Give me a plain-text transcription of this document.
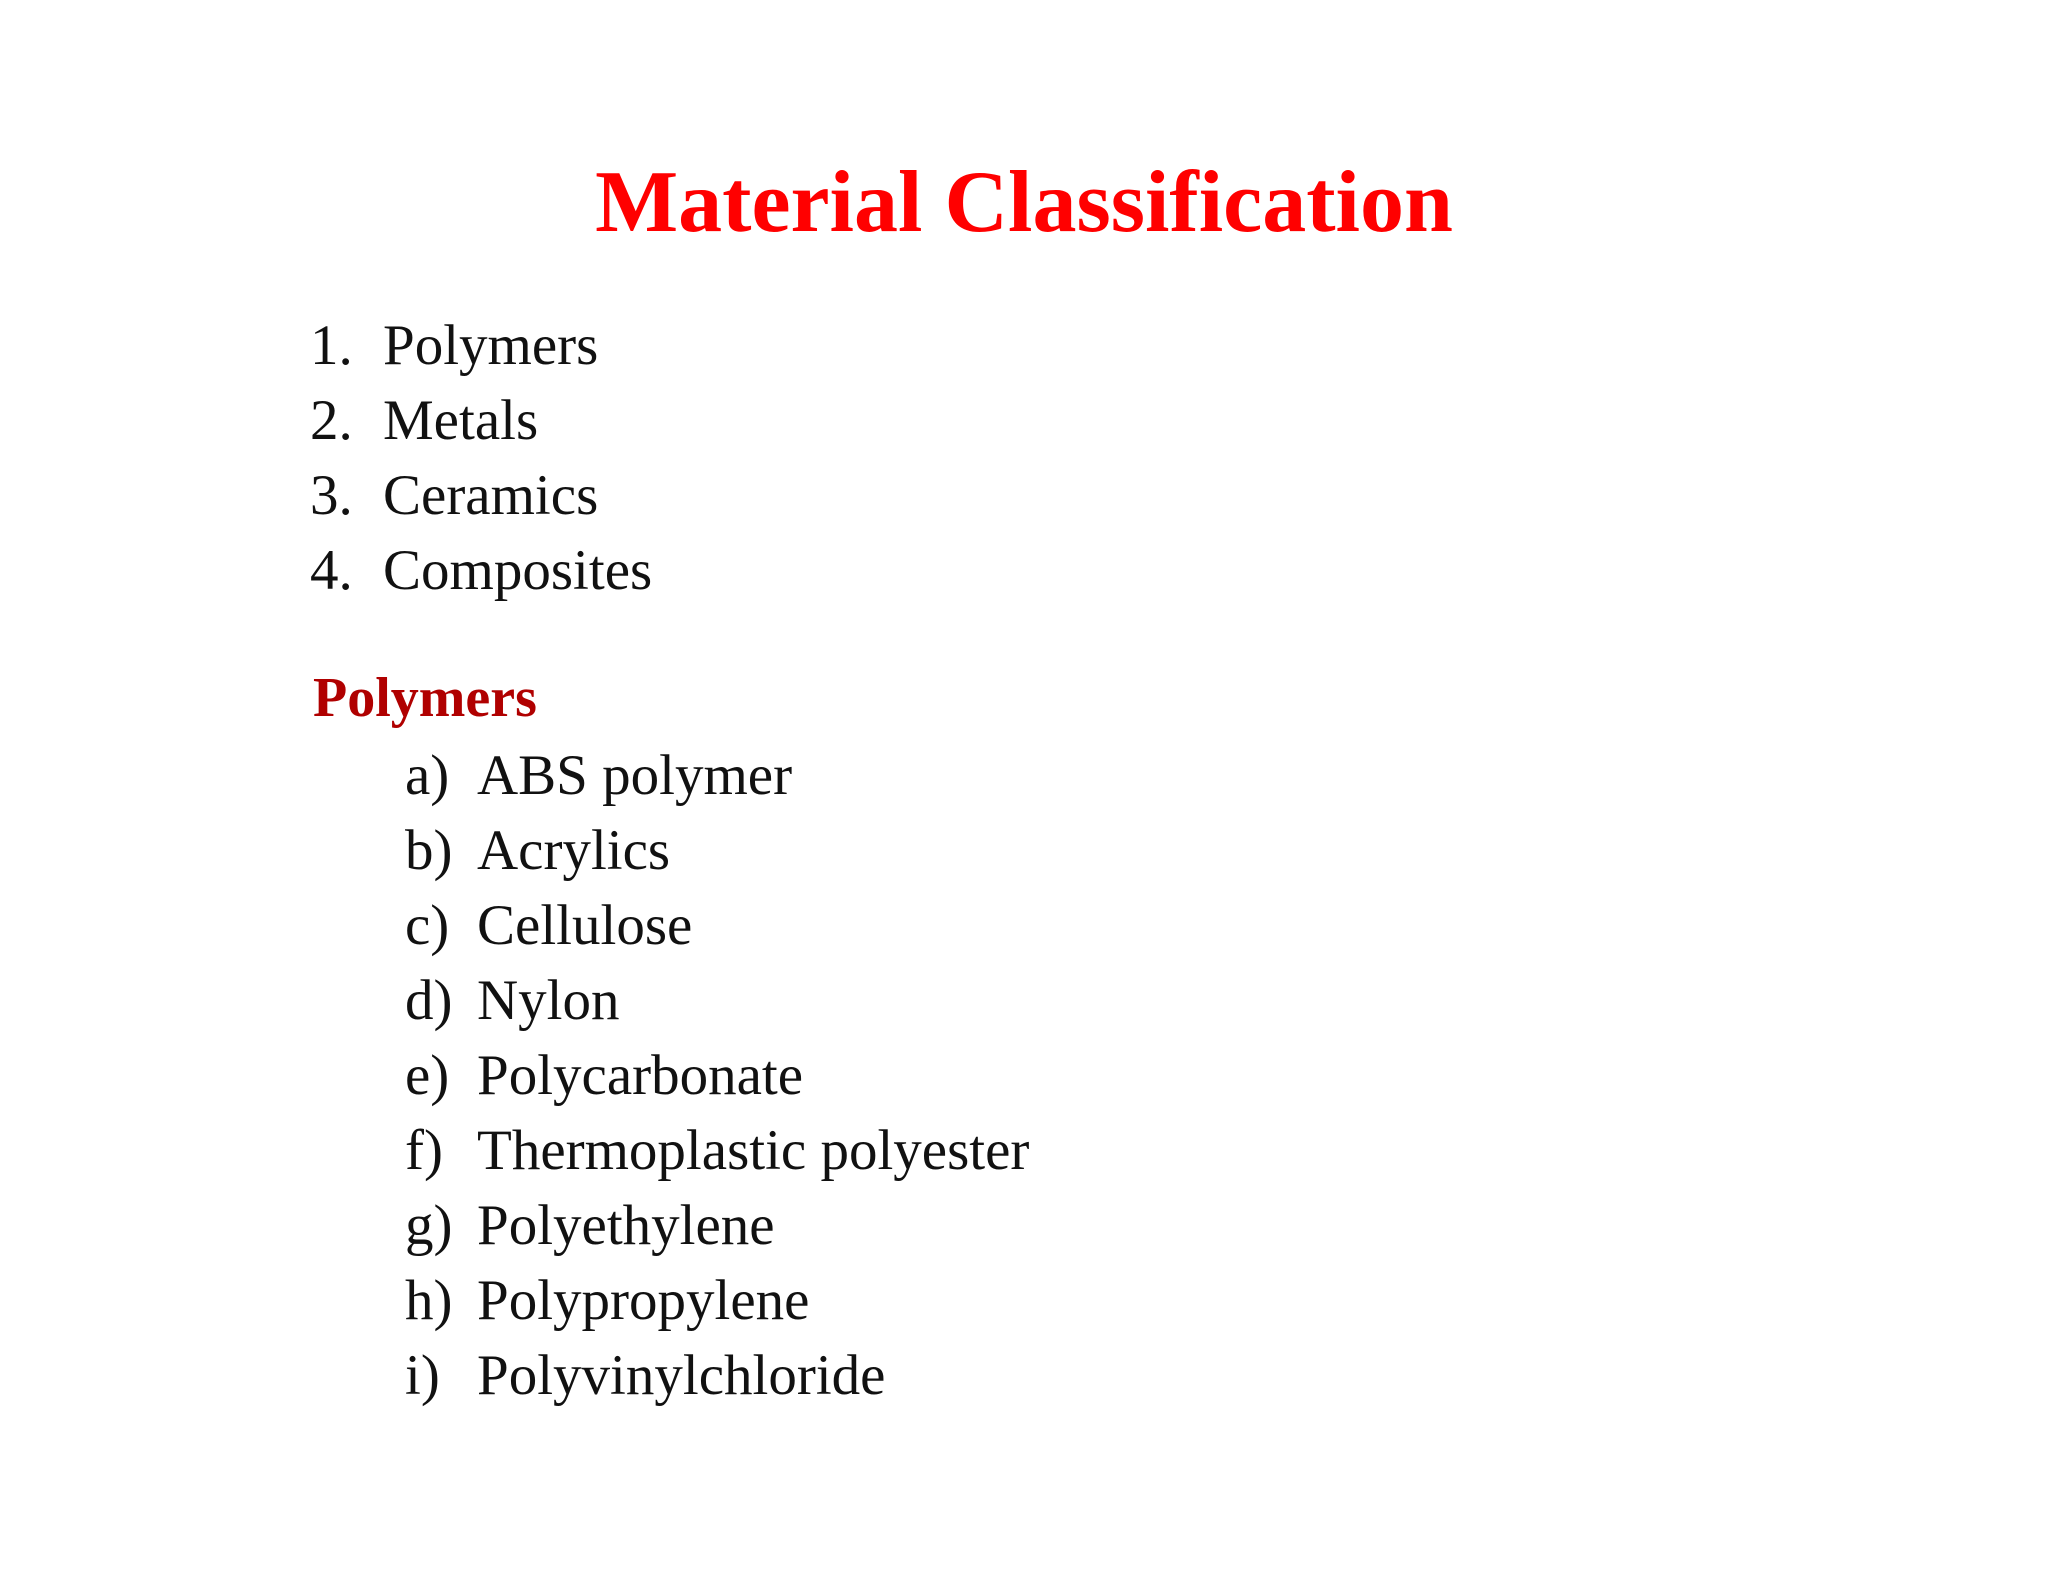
Material Classification
1. Polymers
2. Metals
3. Ceramics
4. Composites
Polymers
a) ABS polymer
b) Acrylics
c) Cellulose
d) Nylon
e) Polycarbonate
f) Thermoplastic polyester
g) Polyethylene
h) Polypropylene
i) Polyvinylchloride
